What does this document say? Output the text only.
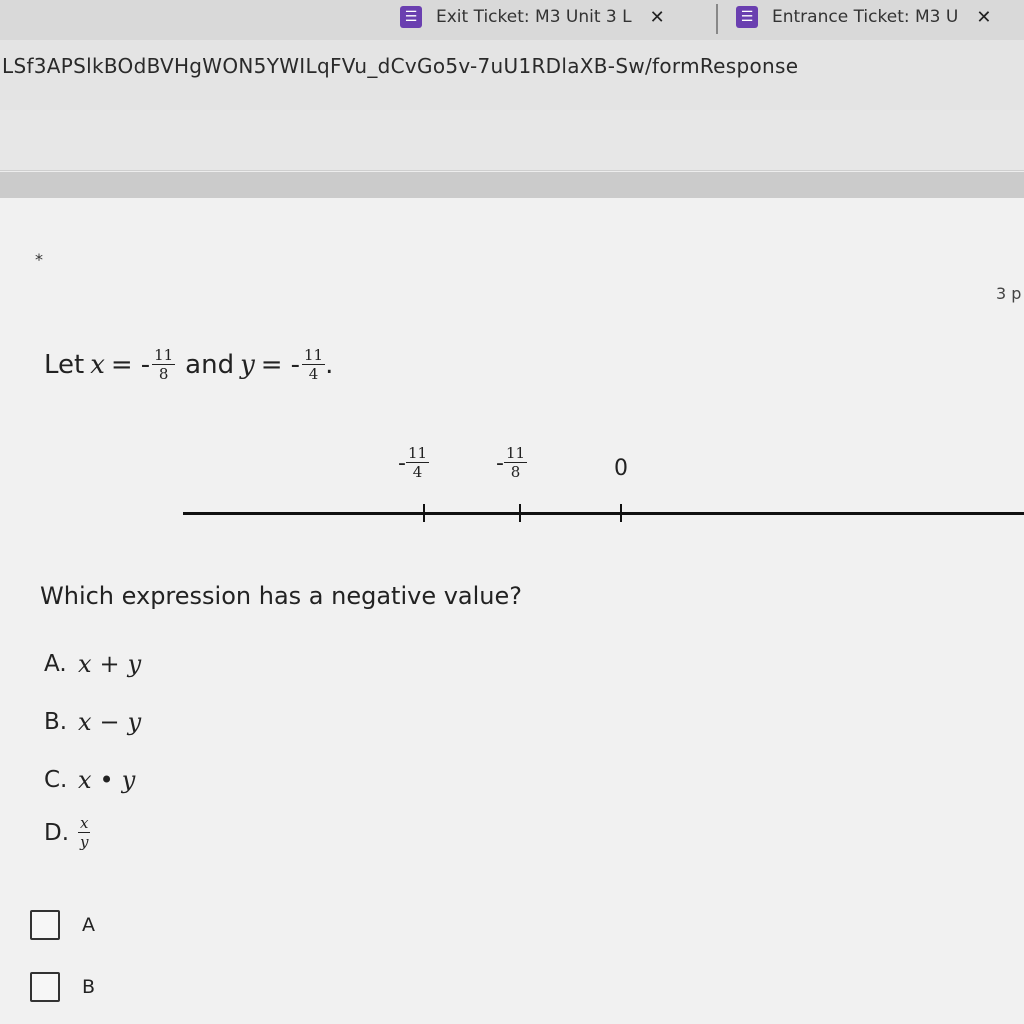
☰ Exit Ticket: M3 Unit 3 L ✕	☰ Entrance Ticket: M3 U ✕
LSf3APSlkBOdBVHgWON5YWILqFVu_dCvGo5v-7uU1RDlaXB-Sw/formResponse
*
3 p
Let x = - $\frac{11}{8}$ and y = - $\frac{11}{4}$ .
- $\frac{11}{4}$	- $\frac{11}{8}$	0
Which expression has a negative value?
A. x + y
B. x − y
C. x • y
D. $\frac{x}{y}$
A
B
